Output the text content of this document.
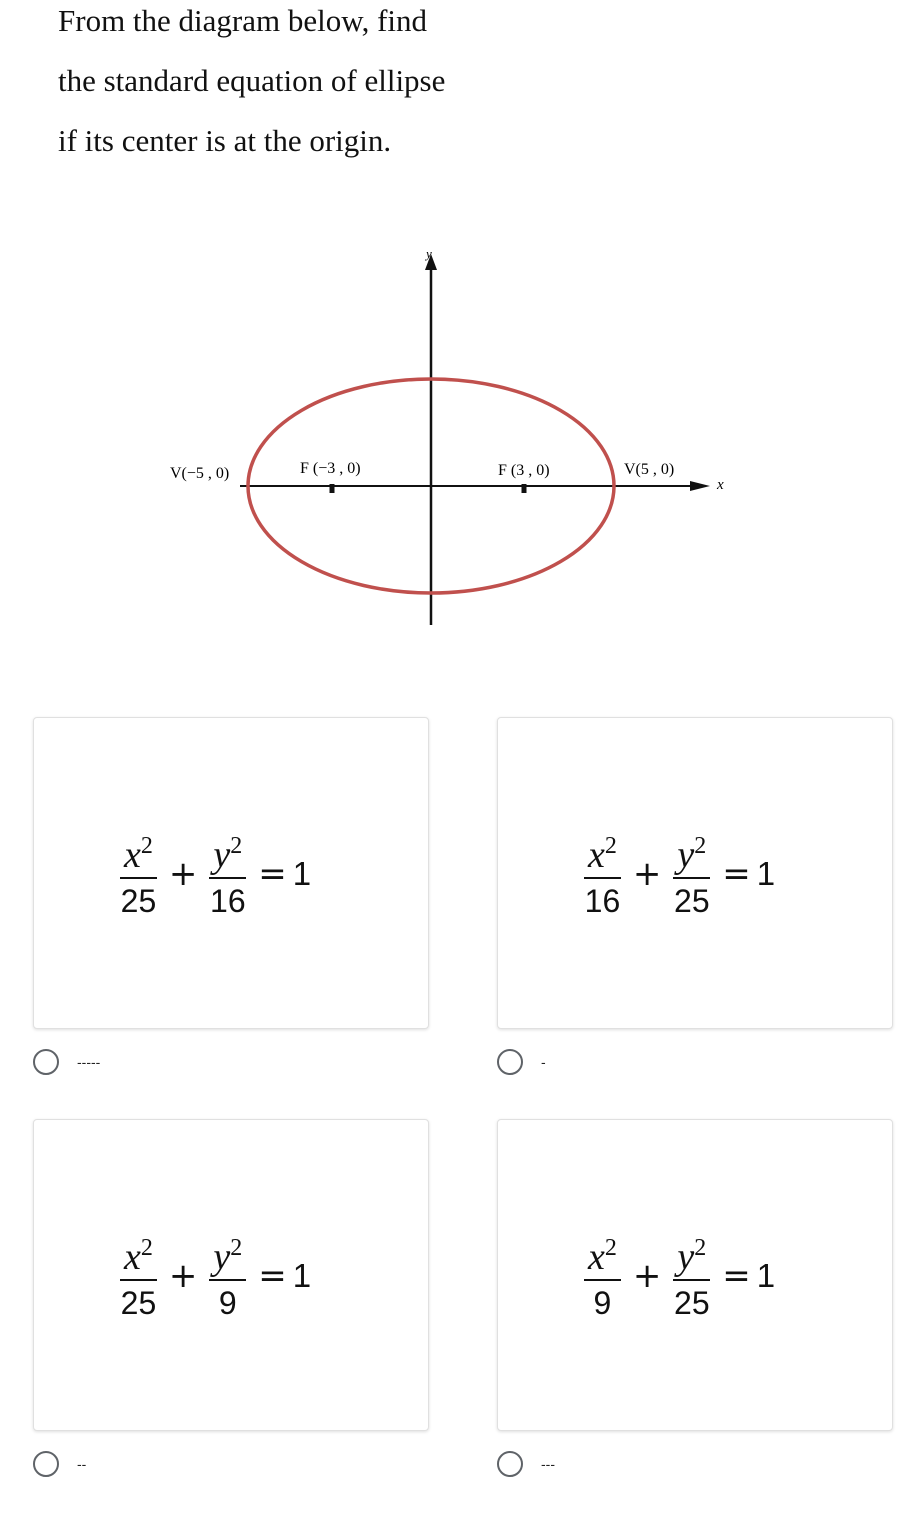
From the diagram below, find
the standard equation of ellipse
if its center is at the origin.
y
x
V(−5 , 0)	F (−3 , 0)	F (3 , 0)	V(5 , 0)
$\frac{x^2}{25} + \frac{y^2}{16} = 1$
-----
$\frac{x^2}{16} + \frac{y^2}{25} = 1$
-
$\frac{x^2}{25} + \frac{y^2}{9} = 1$
--
$\frac{x^2}{9} + \frac{y^2}{25} = 1$
---
